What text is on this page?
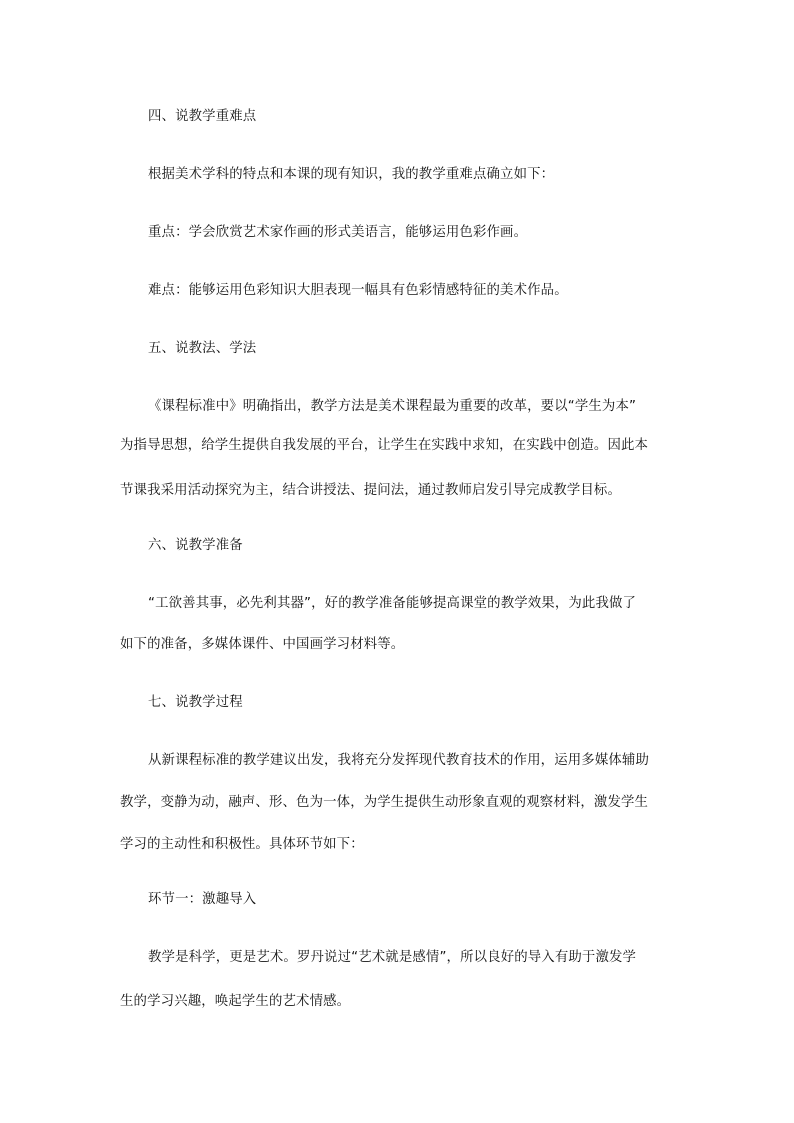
四、说教学重难点
根据美术学科的特点和本课的现有知识，我的教学重难点确立如下：
重点：学会欣赏艺术家作画的形式美语言，能够运用色彩作画。
难点：能够运用色彩知识大胆表现一幅具有色彩情感特征的美术作品。
五、说教法、学法
《课程标准中》明确指出，教学方法是美术课程最为重要的改革，要以“学生为本”
为指导思想，给学生提供自我发展的平台，让学生在实践中求知，在实践中创造。因此本
节课我采用活动探究为主，结合讲授法、提问法，通过教师启发引导完成教学目标。
六、说教学准备
“工欲善其事，必先利其器”，好的教学准备能够提高课堂的教学效果，为此我做了
如下的准备，多媒体课件、中国画学习材料等。
七、说教学过程
从新课程标准的教学建议出发，我将充分发挥现代教育技术的作用，运用多媒体辅助
教学，变静为动，融声、形、色为一体，为学生提供生动形象直观的观察材料，激发学生
学习的主动性和积极性。具体环节如下：
环节一：激趣导入
教学是科学，更是艺术。罗丹说过“艺术就是感情”，所以良好的导入有助于激发学
生的学习兴趣，唤起学生的艺术情感。
